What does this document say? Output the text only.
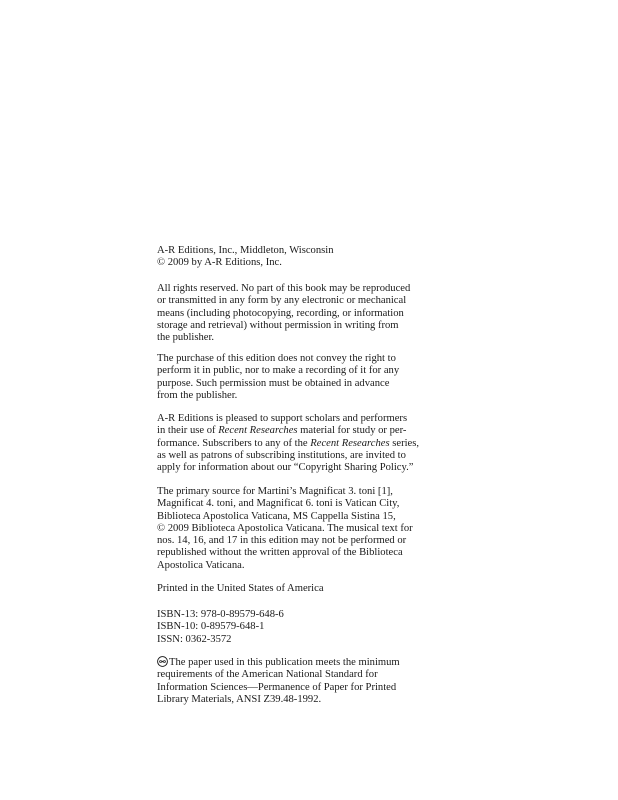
A-R Editions, Inc., Middleton, Wisconsin
© 2009 by A-R Editions, Inc.
All rights reserved. No part of this book may be reproduced
or transmitted in any form by any electronic or mechanical
means (including photocopying, recording, or information
storage and retrieval) without permission in writing from
the publisher.
The purchase of this edition does not convey the right to
perform it in public, nor to make a recording of it for any
purpose. Such permission must be obtained in advance
from the publisher.
A-R Editions is pleased to support scholars and performers
in their use of Recent Researches material for study or per-
formance. Subscribers to any of the Recent Researches series,
as well as patrons of subscribing institutions, are invited to
apply for information about our “Copyright Sharing Policy.”
The primary source for Martini’s Magnificat 3. toni [1],
Magnificat 4. toni, and Magnificat 6. toni is Vatican City,
Biblioteca Apostolica Vaticana, MS Cappella Sistina 15,
© 2009 Biblioteca Apostolica Vaticana. The musical text for
nos. 14, 16, and 17 in this edition may not be performed or
republished without the written approval of the Biblioteca
Apostolica Vaticana.
Printed in the United States of America
ISBN-13: 978-0-89579-648-6
ISBN-10: 0-89579-648-1
ISSN: 0362-3572
The paper used in this publication meets the minimum
requirements of the American National Standard for
Information Sciences—Permanence of Paper for Printed
Library Materials, ANSI Z39.48-1992.
